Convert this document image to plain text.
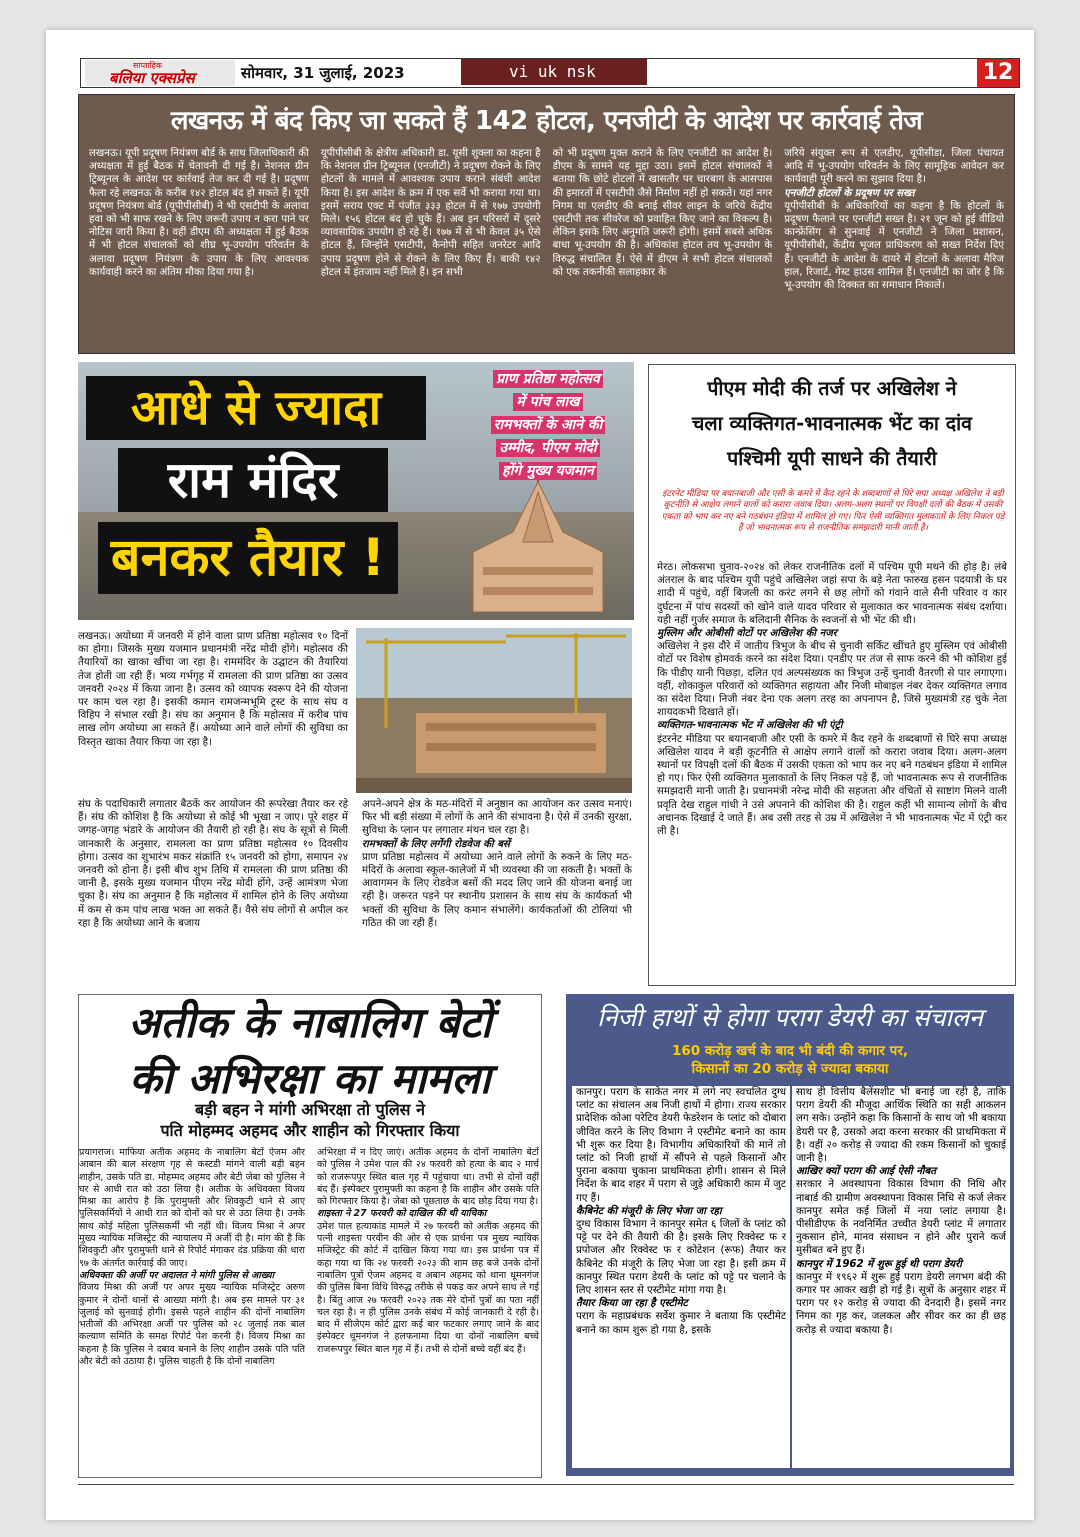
साप्ताहिक
बलिया एक्सप्रेस	सोमवार, 31 जुलाई, 2023	vi uk nsk	12
लखनऊ में बंद किए जा सकते हैं 142 होटल, एनजीटी के आदेश पर कार्रवाई तेज
लखनऊ। यूपी प्रदूषण नियंत्रण बोर्ड के साथ जिलाधिकारी की अध्यक्षता में हुई बैठक में चेतावनी दी गई है। नेशनल ग्रीन ट्रिब्यूनल के आदेश पर कार्रवाई तेज कर दी गई है। प्रदूषण फैला रहे लखनऊ के करीब १४२ होटल बंद हो सकते हैं। यूपी प्रदूषण नियंत्रण बोर्ड (यूपीपीसीबी) ने भी एसटीपी के अलावा हवा को भी साफ रखने के लिए जरूरी उपाय न करा पाने पर नोटिस जारी किया है। वहीं डीएम की अध्यक्षता में हुई बैठक में भी होटल संचालकों को शीघ्र भू-उपयोग परिवर्तन के अलावा प्रदूषण नियंत्रण के उपाय के लिए आवश्यक कार्यवाही करने का अंतिम मौका दिया गया है।
यूपीपीसीबी के क्षेत्रीय अधिकारी डा. यूसी शुक्ला का कहना है कि नेशनल ग्रीन ट्रिब्यूनल (एनजीटी) ने प्रदूषण रोकने के लिए होटलों के मामले में आवश्यक उपाय कराने संबंधी आदेश किया है। इस आदेश के क्रम में एक सर्वे भी कराया गया था। इसमें सराय एक्ट में पंजीत ३३३ होटल में से १७७ उपयोगी मिले। १५६ होटल बंद हो चुके हैं। अब इन परिसरों में दूसरे व्यावसायिक उपयोग हो रहे हैं। १७७ में से भी केवल ३५ ऐसे होटल हैं, जिन्होंने एसटीपी, कैनोपी सहित जनरेटर आदि उपाय प्रदूषण होने से रोकने के लिए किए हैं। बाकी १४२ होटल में इंतजाम नहीं मिले हैं। इन सभी
को भी प्रदूषण मुक्त कराने के लिए एनजीटी का आदेश है। डीएम के सामने यह मुद्दा उठा। इसमें होटल संचालकों ने बताया कि छोटे होटलों में खासतौर पर चारबाग के आसपास की इमारतों में एसटीपी जैसे निर्माण नहीं हो सकते। यहां नगर निगम या एलडीए की बनाई सीवर लाइन के जरिये केंद्रीय एसटीपी तक सीवरेज को प्रवाहित किए जाने का विकल्प है। लेकिन इसके लिए अनुमति जरूरी होगी। इसमें सबसे अधिक बाधा भू-उपयोग की है। अधिकांश होटल तय भू-उपयोग के विरुद्ध संचालित हैं। ऐसे में डीएम ने सभी होटल संचालकों को एक तकनीकी सलाहकार के
जरिये संयुक्त रूप से एलडीए, यूपीसीडा, जिला पंचायत आदि में भू-उपयोग परिवर्तन के लिए सामूहिक आवेदन कर कार्यवाही पूरी करने का सुझाव दिया है।
एनजीटी होटलों के प्रदूषण पर सख्त
यूपीपीसीबी के अधिकारियों का कहना है कि होटलों के प्रदूषण फैलाने पर एनजीटी सख्त है। २१ जून को हुई वीडियो कान्फ्रेंसिंग से सुनवाई में एनजीटी ने जिला प्रशासन, यूपीपीसीबी, केंद्रीय भूजल प्राधिकरण को सख्त निर्देश दिए हैं। एनजीटी के आदेश के दायरे में होटलों के अलावा मैरिज हाल, रिजार्ट, गेस्ट हाउस शामिल हैं। एनजीटी का जोर है कि भू-उपयोग की दिक्कत का समाधान निकालें।
आधे से ज्यादा
राम मंदिर
बनकर तैयार !
प्राण प्रतिष्ठा महोत्सव
में पांच लाख
रामभक्तों के आने की
उम्मीद, पीएम मोदी
होंगे मुख्य यजमान
लखनऊ। अयोध्या में जनवरी में होने वाला प्राण प्रतिष्ठा महोत्सव १० दिनों का होगा। जिसके मुख्य यजमान प्रधानमंत्री नरेंद्र मोदी होंगे। महोत्सव की तैयारियों का खाका खींचा जा रहा है। राममंदिर के उद्घाटन की तैयारियां तेज होती जा रही हैं। भव्य गर्भगृह में रामलला की प्राण प्रतिष्ठा का उत्सव जनवरी २०२४ में किया जाना है। उत्सव को व्यापक स्वरूप देने की योजना पर काम चल रहा है। इसकी कमान रामजन्मभूमि ट्रस्ट के साथ संघ व विहिप ने संभाल रखी है। संघ का अनुमान है कि महोत्सव में करीब पांच लाख लोग अयोध्या आ सकते हैं। अयोध्या आने वाले लोगों की सुविधा का विस्तृत खाका तैयार किया जा रहा है।
संघ के पदाधिकारी लगातार बैठकें कर आयोजन की रूपरेखा तैयार कर रहे हैं। संघ की कोशिश है कि अयोध्या से कोई भी भूखा न जाए। पूरे शहर में जगह-जगह भंडारे के आयोजन की तैयारी हो रही है। संघ के सूत्रों से मिली जानकारी के अनुसार, रामलला का प्राण प्रतिष्ठा महोत्सव १० दिवसीय होगा। उत्सव का शुभारंभ मकर संक्रांति १५ जनवरी को होगा, समापन २४ जनवरी को होना है। इसी बीच शुभ तिथि में रामलला की प्राण प्रतिष्ठा की जानी है, इसके मुख्य यजमान पीएम नरेंद्र मोदी होंगे, उन्हें आमंत्रण भेजा चुका है। संघ का अनुमान है कि महोत्सव में शामिल होने के लिए अयोध्या में कम से कम पांच लाख भक्त आ सकते हैं। वैसे संघ लोगों से अपील कर रहा है कि अयोध्या आने के बजाय
अपने-अपने क्षेत्र के मठ-मंदिरों में अनुष्ठान का आयोजन कर उत्सव मनाएं। फिर भी बड़ी संख्या में लोगों के आने की संभावना है। ऐसे में उनकी सुरक्षा, सुविधा के प्लान पर लगातार मंथन चल रहा है।
रामभक्तों के लिए लगेंगी रोडवेज की बसें
प्राण प्रतिष्ठा महोत्सव में अयोध्या आने वाले लोगों के रुकने के लिए मठ-मंदिरों के अलावा स्कूल-कालेजों में भी व्यवस्था की जा सकती है। भक्तों के आवागमन के लिए रोडवेज बसों की मदद लिए जाने की योजना बनाई जा रही है। जरूरत पड़ने पर स्थानीय प्रशासन के साथ संघ के कार्यकर्ता भी भक्तों की सुविधा के लिए कमान संभालेंगे। कार्यकर्ताओं की टोलियां भी गठित की जा रही हैं।
पीएम मोदी की तर्ज पर अखिलेश ने
चला व्यक्तिगत-भावनात्मक भेंट का दांव
पश्चिमी यूपी साधने की तैयारी
इंटरनेट मीडिया पर बयानबाजी और एसी के कमरे में कैद रहने के शब्दबाणों से घिरे सपा अध्यक्ष अखिलेश ने बड़ी कूटनीति से आक्षेप लगाने वालों को करारा जवाब दिया। अलग-अलग स्थानों पर विपक्षी दलों की बैठक में उसकी एकता को भाप कर नए बने गठबंधन इंडिया में शामिल हो गए। फिर ऐसी व्यक्तिगत मुलाकातों के लिए निकल पड़े हैं जो भावनात्मक रूप से राजनीतिक समझदारी मानी जाती है।
मेरठ। लोकसभा चुनाव-२०२४ को लेकर राजनीतिक दलों में पश्चिम यूपी मथने की होड़ है। लंबे अंतराल के बाद पश्चिम यूपी पहुंचे अखिलेश जहां सपा के बड़े नेता फारुख हसन पदयात्री के घर शादी में पहुंचे, वहीं बिजली का करंट लगने से छह लोगों को गंवाने वाले सैनी परिवार व कार दुर्घटना में पांच सदस्यों को खोने वाले यादव परिवार से मुलाकात कर भावनात्मक संबंध दर्शाया। यही नहीं गुर्जर समाज के बलिदानी सैनिक के स्वजनों से भी भेंट की थी।
मुस्लिम और ओबीसी वोटों पर अखिलेश की नजर
अखिलेश ने इस दौरे में जातीय त्रिभुज के बीच से चुनावी सर्किट खींचते हुए मुस्लिम एवं ओबीसी वोटों पर विशेष होमवर्क करने का संदेश दिया। एनडीए पर तंज से साफ करने की भी कोशिश हुई कि पीडीए यानी पिछड़ा, दलित एवं अल्पसंख्यक का त्रिभुज उन्हें चुनावी वैतरणी से पार लगाएगा। वहीं, शोकाकुल परिवारों को व्यक्तिगत सहायता और निजी मोबाइल नंबर देकर व्यक्तिगत लगाव का संदेश दिया। निजी नंबर देना एक अलग तरह का अपनापन है, जिसे मुख्यमंत्री रह चुके नेता शायदकभी दिखाते हों।
व्यक्तिगत-भावनात्मक भेंट में अखिलेश की भी एंट्री
इंटरनेट मीडिया पर बयानबाजी और एसी के कमरे में कैद रहने के शब्दबाणों से घिरे सपा अध्यक्ष अखिलेश यादव ने बड़ी कूटनीति से आक्षेप लगाने वालों को करारा जवाब दिया। अलग-अलग स्थानों पर विपक्षी दलों की बैठक में उसकी एकता को भाप कर नए बने गठबंधन इंडिया में शामिल हो गए। फिर ऐसी व्यक्तिगत मुलाकातों के लिए निकल पड़े हैं, जो भावनात्मक रूप से राजनीतिक समझदारी मानी जाती है। प्रधानमंत्री नरेन्द्र मोदी की सहजता और वंचितों से साष्टांग मिलने वाली प्रवृति देख राहुल गांधी ने उसे अपनाने की कोशिश की है। राहुल कहीं भी सामान्य लोगों के बीच अचानक दिखाई दे जाते हैं। अब उसी तरह से उम्र में अखिलेश ने भी भावनात्मक भेंट में एंट्री कर ली है।
अतीक के नाबालिग बेटों
की अभिरक्षा का मामला
बड़ी बहन ने मांगी अभिरक्षा तो पुलिस ने
पति मोहम्मद अहमद और शाहीन को गिरफ्तार किया
प्रयागराज। माफिया अतीक अहमद के नाबालिग बेटों ऐजम और आबान की बाल संरक्षण गृह से कस्टडी मांगने वाली बड़ी बहन शाहीन, उसके पति डा. मोहम्मद अहमद और बेटी जेबा को पुलिस ने घर से आधी रात को उठा लिया है। अतीक के अधिवक्ता विजय मिश्रा का आरोप है कि पुरामुफ्ती और शिवकुटी थाने से आए पुलिसकर्मियों ने आधी रात को दोनों को घर से उठा लिया है। उनके साथ कोई महिला पुलिसकर्मी भी नहीं थी। विजय मिश्रा ने अपर मुख्य न्यायिक मजिस्ट्रेट की न्यायालय में अर्जी दी है। मांग की है कि शिवकुटी और पुरामुफ्ती थाने से रिपोर्ट मंगाकर दंड प्रक्रिया की धारा ९७ के अंतर्गत कार्रवाई की जाए।
अधिवक्ता की अर्जी पर अदालत ने मांगी पुलिस से आख्या
विजय मिश्रा की अर्जी पर अपर मुख्य न्यायिक मजिस्ट्रेट अरुण कुमार ने दोनों थानों से आख्या मांगी है। अब इस मामले पर ३१ जुलाई को सुनवाई होगी। इससे पहले शाहीन की दोनों नाबालिग भतीजों की अभिरक्षा अर्जी पर पुलिस को २८ जुलाई तक बाल कल्याण समिति के समक्ष रिपोर्ट पेश करनी है। विजय मिश्रा का कहना है कि पुलिस ने दबाव बनाने के लिए शाहीन उसके पति पति और बेटी को उठाया है। पुलिस चाहती है कि दोनों नाबालिग
अभिरक्षा में न दिए जाएं। अतीक अहमद के दोनों नाबालिग बेटों को पुलिस ने उमेश पाल की २४ फरवरी को हत्या के बाद २ मार्च को राजरूपपुर स्थित बाल गृह में पहुंचाया था। तभी से दोनों वहीं बंद हैं। इंस्पेक्टर पुरामुफ्ती का कहना है कि शाहीन और उसके पति को गिरफ्तार किया है। जेबा को पूछताछ के बाद छोड़ दिया गया है।
शाइस्ता ने 27 फरवरी को दाखिल की थी याचिका
उमेश पाल हत्याकांड मामले में २७ फरवरी को अतीक अहमद की पत्नी शाइस्ता परवीन की ओर से एक प्रार्थना पत्र मुख्य न्यायिक मजिस्ट्रेट की कोर्ट में दाखिल किया गया था। इस प्रार्थना पत्र में कहा गया था कि २४ फरवरी २०२३ की शाम छह बजे उनके दोनों नाबालिग पुत्रों ऐजम अहमद व अबान अहमद को थाना धूमनगंज की पुलिस बिना विधि विरुद्ध तरीके से पकड़ कर अपने साथ ले गई है। बिंतु आज २७ फरवरी २०२३ तक मेरे दोनों पुत्रों का पता नहीं चल रहा है। न ही पुलिस उनके संबंध में कोई जानकारी दे रही है। बाद में सीजेएम कोर्ट द्वारा कई बार फटकार लगाए जाने के बाद इंस्पेक्टर धूमनगंज ने हलफनामा दिया था दोनों नाबालिग बच्चे राजरूपपुर स्थित बाल गृह में हैं। तभी से दोनों बच्चे वहीं बंद हैं।
निजी हाथों से होगा पराग डेयरी का संचालन
160 करोड़ खर्च के बाद भी बंदी की कगार पर,
किसानों का 20 करोड़ से ज्यादा बकाया
कानपुर। पराग के साकेत नगर में लगे नए स्वचलित दुग्ध प्लांट का संचालन अब निजी हाथों में होगा। राज्य सरकार प्रादेशिक कोआ परेटिव डेयरी फेडरेशन के प्लांट को दोबारा जीवित करने के लिए विभाग ने एस्टीमेट बनाने का काम भी शुरू कर दिया है। विभागीय अधिकारियों की मानें तो प्लांट को निजी हाथों में सौंपने से पहले किसानों और पुराना बकाया चुकाना प्राथमिकता होगी। शासन से मिले निर्देश के बाद शहर में पराग से जुड़े अधिकारी काम में जुट गए हैं।
कैबिनेट की मंजूरी के लिए भेजा जा रहा
दुग्ध विकास विभाग ने कानपुर समेत ६ जिलों के प्लांट को पट्टे पर देने की तैयारी की है। इसके लिए रिक्वेस्ट फ र प्रपोजल और रिक्वेस्ट फ र कोटेशन (रूफ) तैयार कर कैबिनेट की मंजूरी के लिए भेजा जा रहा है। इसी क्रम में कानपुर स्थित पराग डेयरी के प्लांट को पट्टे पर चलाने के लिए शासन स्तर से एस्टीमेट मांगा गया है।
तैयार किया जा रहा है एस्टीमेट
पराग के महाप्रबंधक सर्वेश कुमार ने बताया कि एस्टीमेट बनाने का काम शुरू हो गया है, इसके
साथ ही वित्तीय बैलेंसशीट भी बनाई जा रही है, ताकि पराग डेयरी की मौजूदा आर्थिक स्थिति का सही आकलन लग सके। उन्होंने कहा कि किसानों के साथ जो भी बकाया डेयरी पर है, उसको अदा करना सरकार की प्राथमिकता में है। वहीं २० करोड़ से ज्यादा की रकम किसानों को चुकाई जानी है।
आखिर क्यों पराग की आई ऐसी नौबत
सरकार ने अवस्थापना विकास विभाग की निधि और नाबार्ड की ग्रामीण अवस्थापना विकास निधि से कर्ज लेकर कानपुर समेत कई जिलों में नया प्लांट लगाया है। पीसीडीएफ के नवनिर्मित उच्चीत डेयरी प्लांट में लगातार नुकसान होने, मानव संसाधन न होने और पुराने कर्ज मुसीबत बने हुए हैं।
कानपुर में 1962 में शुरू हुई थी पराग डेयरी
कानपुर में १९६२ में शुरू हुई पराग डेयरी लगभग बंदी की कगार पर आकर खड़ी हो गई है। सूत्रों के अनुसार शहर में पराग पर १२ करोड़ से ज्यादा की देनदारी है। इसमें नगर निगम का गृह कर, जलकल और सीवर कर का ही छह करोड़ से ज्यादा बकाया है।
